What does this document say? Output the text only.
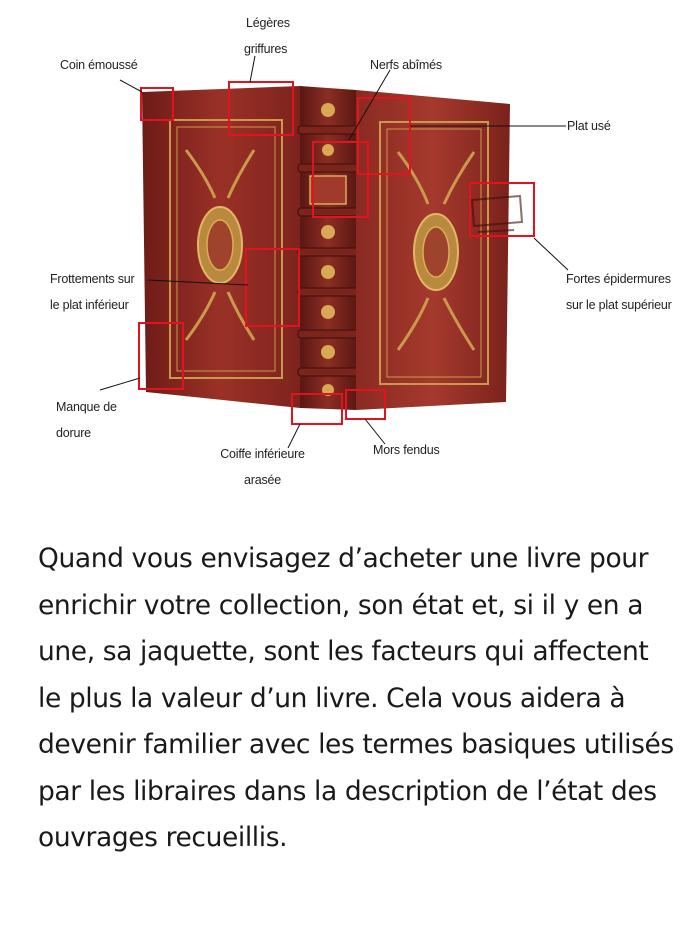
Coin émoussé
Légères
griffures
Nerfs abîmés
Plat usé
Frottements sur
le plat inférieur
Fortes épidermures
sur le plat supérieur
Manque de
dorure
Coiffe inférieure
arasée
Mors fendus

Quand vous envisagez d’acheter une livre pour enrichir votre collection, son état et, si il y en a une, sa jaquette, sont les facteurs qui affectent le plus la valeur d’un livre. Cela vous aidera à devenir familier avec les termes basiques utilisés par les libraires dans la description de l’état des ouvrages recueillis.
